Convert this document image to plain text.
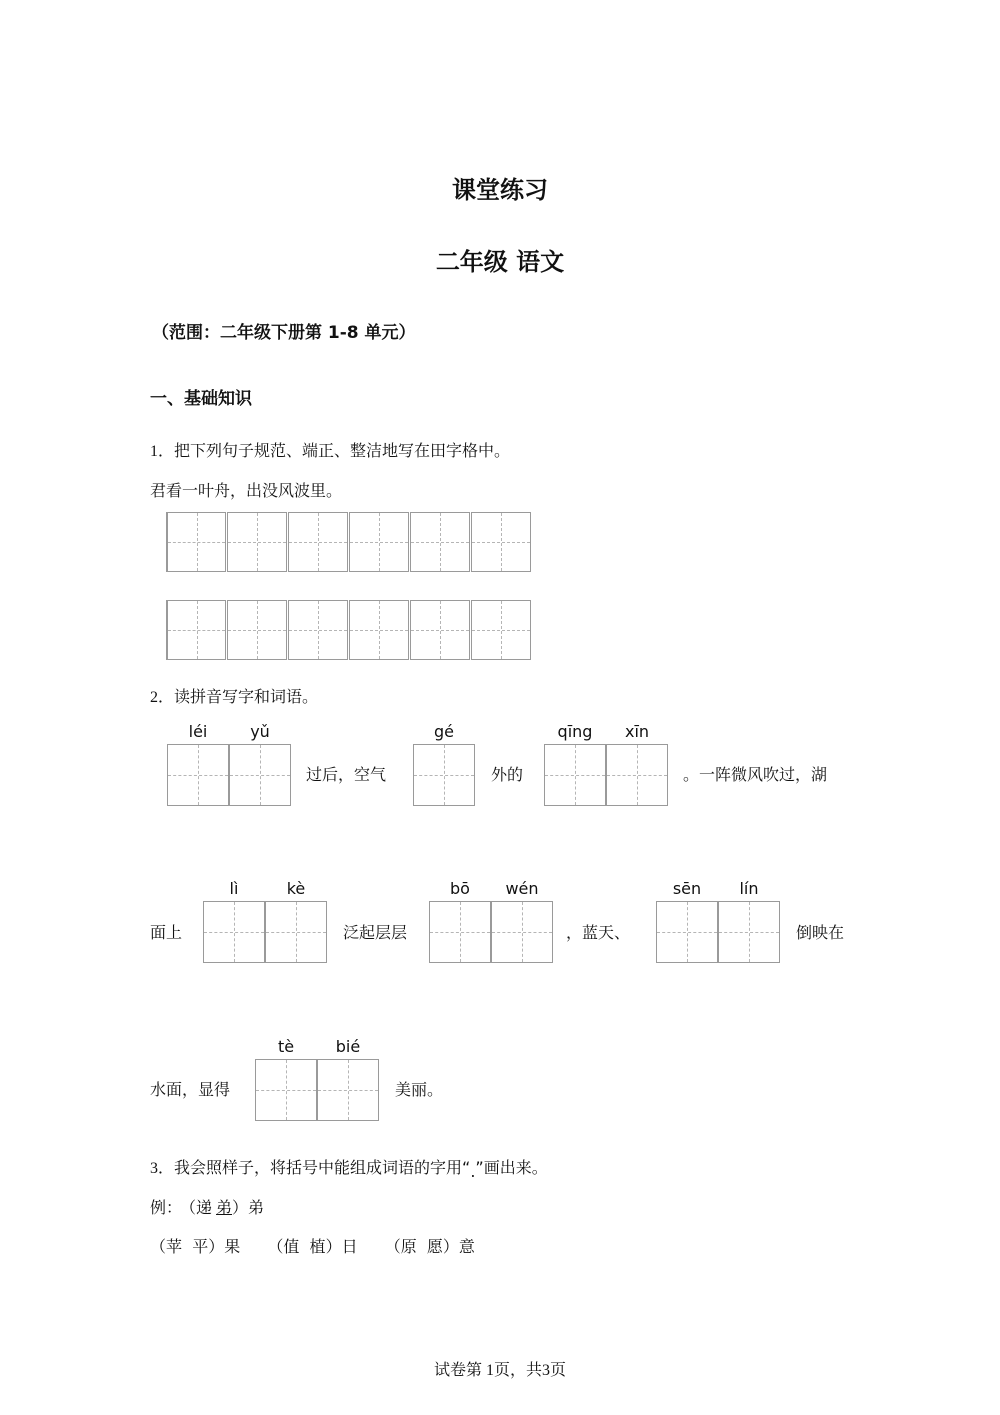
课堂练习
二年级 语文
（范围：二年级下册第 1-8 单元）
一、基础知识
1．把下列句子规范、端正、整洁地写在田字格中。
君看一叶舟，出没风波里。
2．读拼音写字和词语。
léi	yǔ
过后，空气
gé
外的
qīng	xīn
。一阵微风吹过，湖
面上
lì	kè
泛起层层
bō	wén
，蓝天、
sēn	lín
倒映在
水面，显得
tè	bié
美丽。
3．我会照样子，将括号中能组成词语的字用“.”画出来。
例： （递 弟）弟
（苹 平）果 （值 植）日 （原 愿）意
试卷第 1页，共3页
